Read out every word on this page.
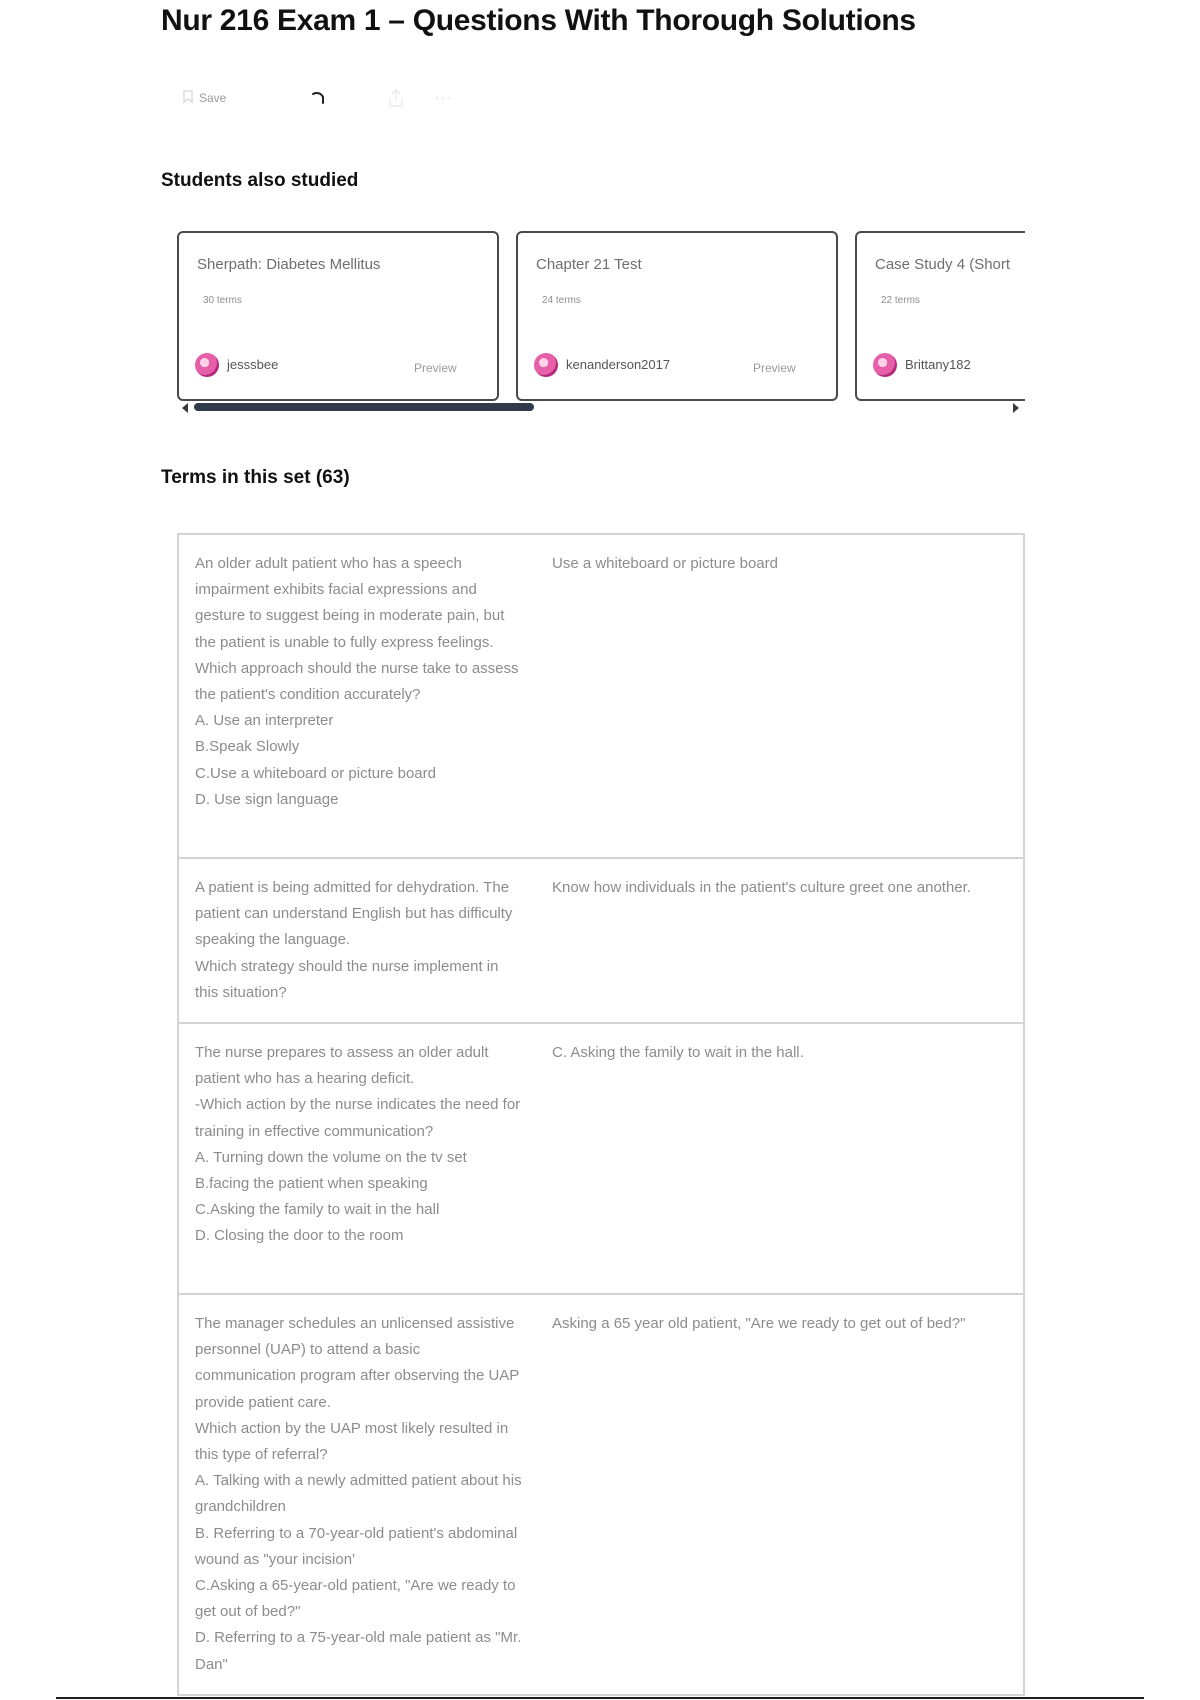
Nur 216 Exam 1 – Questions With Thorough Solutions
Save
Students also studied
Sherpath: Diabetes Mellitus
30 terms
jesssbee	Preview
Chapter 21 Test
24 terms
kenanderson2017	Preview
Case Study 4 (Short
22 terms
Brittany182
Terms in this set (63)
An older adult patient who has a speech impairment exhibits facial expressions and gesture to suggest being in moderate pain, but the patient is unable to fully express feelings.
Which approach should the nurse take to assess the patient's condition accurately?
A. Use an interpreter
B.Speak Slowly
C.Use a whiteboard or picture board
D. Use sign language
Use a whiteboard or picture board
A patient is being admitted for dehydration. The patient can understand English but has difficulty speaking the language.
Which strategy should the nurse implement in this situation?
Know how individuals in the patient's culture greet one another.
The nurse prepares to assess an older adult patient who has a hearing deficit.
-Which action by the nurse indicates the need for training in effective communication?
A. Turning down the volume on the tv set
B.facing the patient when speaking
C.Asking the family to wait in the hall
D. Closing the door to the room
C. Asking the family to wait in the hall.
The manager schedules an unlicensed assistive personnel (UAP) to attend a basic communication program after observing the UAP provide patient care.
Which action by the UAP most likely resulted in this type of referral?
A. Talking with a newly admitted patient about his grandchildren
B. Referring to a 70-year-old patient's abdominal wound as "your incision'
C.Asking a 65-year-old patient, "Are we ready to get out of bed?"
D. Referring to a 75-year-old male patient as "Mr. Dan"
Asking a 65 year old patient, "Are we ready to get out of bed?"
